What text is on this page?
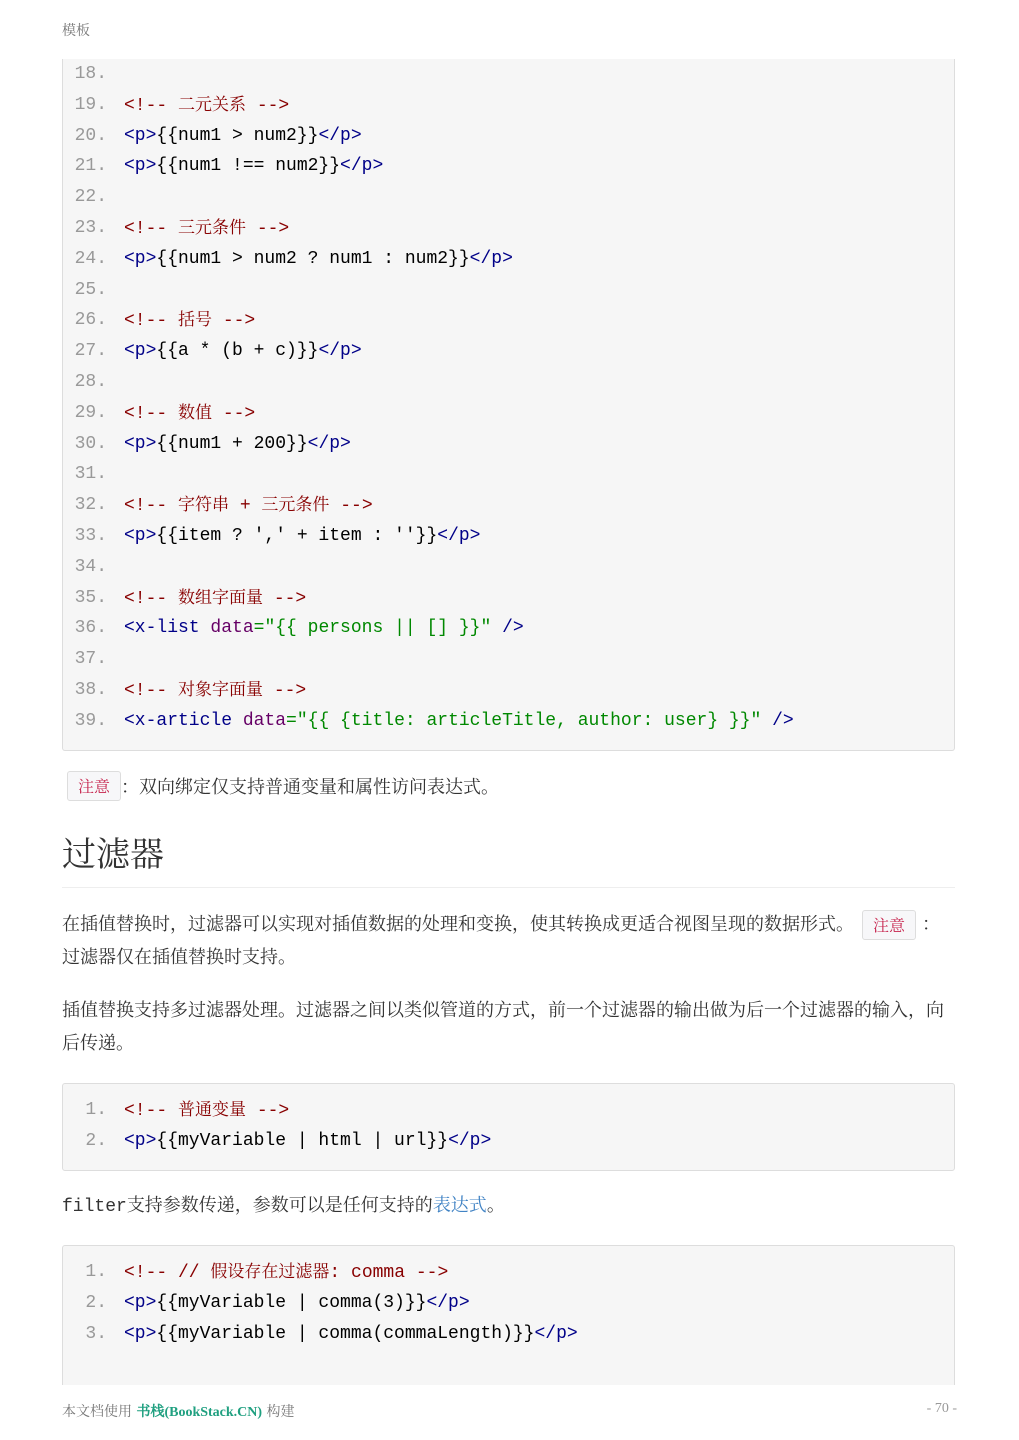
模板
18.
19. <!-- 二元关系 -->
20. <p>{{num1 > num2}}</p>
21. <p>{{num1 !== num2}}</p>
22.
23. <!-- 三元条件 -->
24. <p>{{num1 > num2 ? num1 : num2}}</p>
25.
26. <!-- 括号 -->
27. <p>{{a * (b + c)}}</p>
28.
29. <!-- 数值 -->
30. <p>{{num1 + 200}}</p>
31.
32. <!-- 字符串 + 三元条件 -->
33. <p>{{item ? ',' + item : ''}}</p>
34.
35. <!-- 数组字面量 -->
36. <x-list data="{{ persons || [] }}" />
37.
38. <!-- 对象字面量 -->
39. <x-article data="{{ {title: articleTitle, author: user} }}" />
注意 ：双向绑定仅支持普通变量和属性访问表达式。
过滤器
在插值替换时，过滤器可以实现对插值数据的处理和变换，使其转换成更适合视图呈现的数据形式。 注意 ：过滤器仅在插值替换时支持。
插值替换支持多过滤器处理。过滤器之间以类似管道的方式，前一个过滤器的输出做为后一个过滤器的输入，向后传递。
1. <!-- 普通变量 -->
2. <p>{{myVariable | html | url}}</p>
filter支持参数传递，参数可以是任何支持的表达式。
1. <!-- // 假设存在过滤器: comma -->
2. <p>{{myVariable | comma(3)}}</p>
3. <p>{{myVariable | comma(commaLength)}}</p>
本文档使用 书栈(BookStack.CN) 构建	- 70 -
